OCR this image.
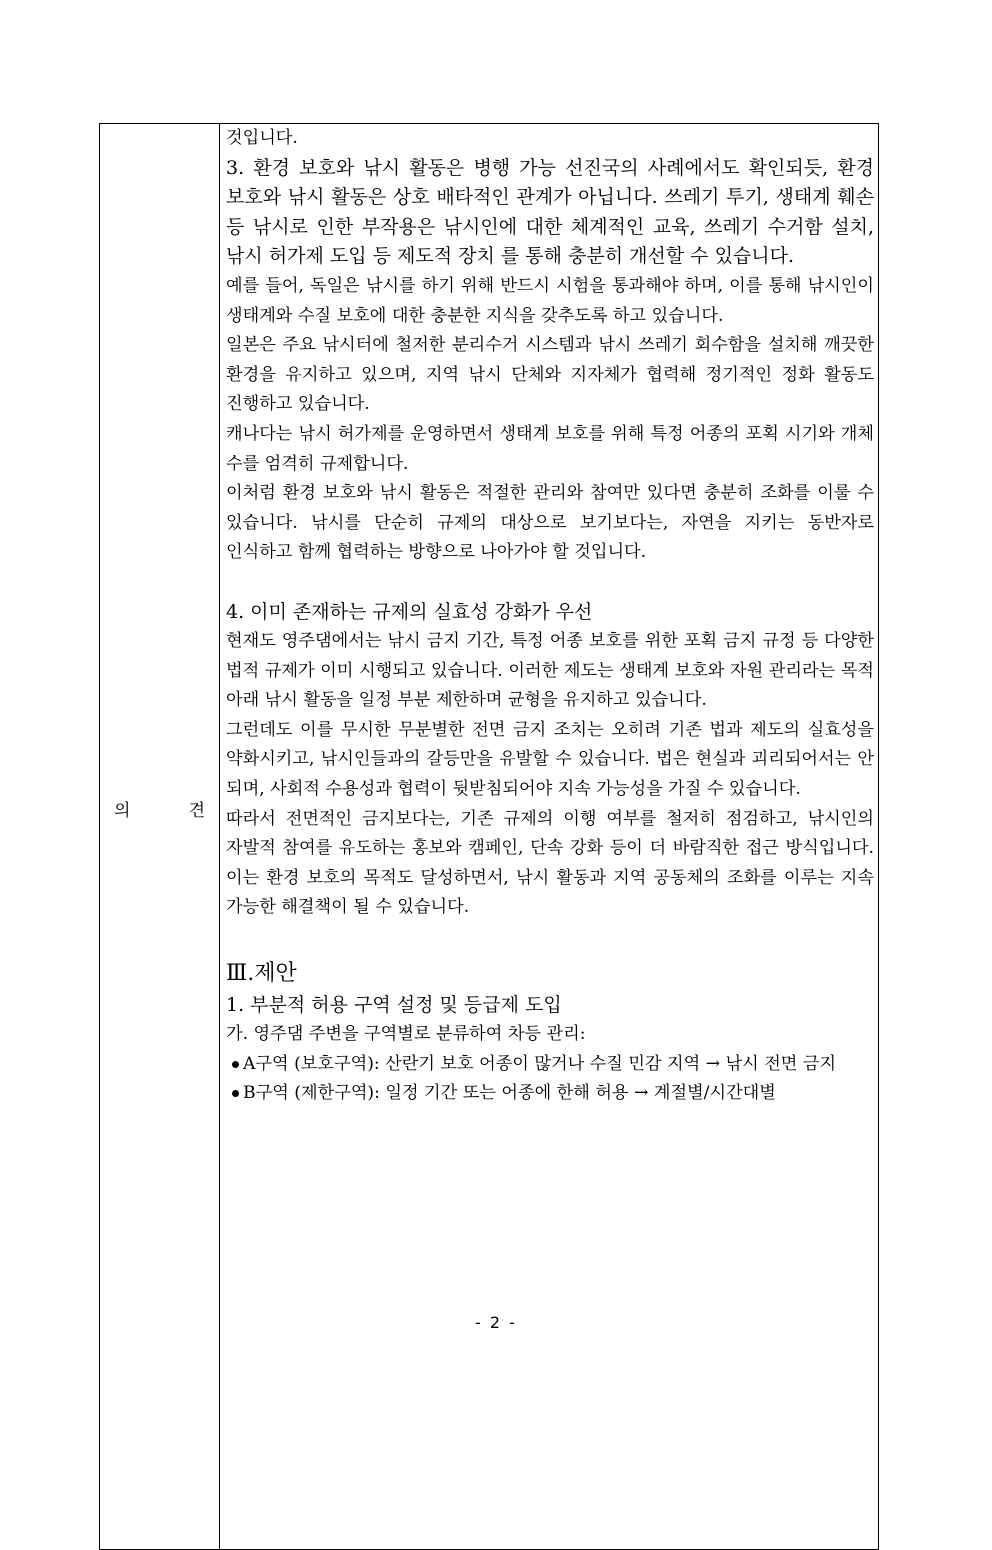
의	견

것입니다.

3. 환경 보호와 낚시 활동은 병행 가능 선진국의 사례에서도 확인되듯, 환경 보호와 낚시 활동은 상호 배타적인 관계가 아닙니다. 쓰레기 투기, 생태계 훼손 등 낚시로 인한 부작용은 낚시인에 대한 체계적인 교육, 쓰레기 수거함 설치, 낚시 허가제 도입 등 제도적 장치 를 통해 충분히 개선할 수 있습니다.

예를 들어, 독일은 낚시를 하기 위해 반드시 시험을 통과해야 하며, 이를 통해 낚시인이 생태계와 수질 보호에 대한 충분한 지식을 갖추도록 하고 있습니다.

일본은 주요 낚시터에 철저한 분리수거 시스템과 낚시 쓰레기 회수함을 설치해 깨끗한 환경을 유지하고 있으며, 지역 낚시 단체와 지자체가 협력해 정기적인 정화 활동도 진행하고 있습니다.

캐나다는 낚시 허가제를 운영하면서 생태계 보호를 위해 특정 어종의 포획 시기와 개체 수를 엄격히 규제합니다.

이처럼 환경 보호와 낚시 활동은 적절한 관리와 참여만 있다면 충분히 조화를 이룰 수 있습니다. 낚시를 단순히 규제의 대상으로 보기보다는, 자연을 지키는 동반자로 인식하고 함께 협력하는 방향으로 나아가야 할 것입니다.

4. 이미 존재하는 규제의 실효성 강화가 우선

현재도 영주댐에서는 낚시 금지 기간, 특정 어종 보호를 위한 포획 금지 규정 등 다양한 법적 규제가 이미 시행되고 있습니다. 이러한 제도는 생태계 보호와 자원 관리라는 목적 아래 낚시 활동을 일정 부분 제한하며 균형을 유지하고 있습니다.

그런데도 이를 무시한 무분별한 전면 금지 조치는 오히려 기존 법과 제도의 실효성을 약화시키고, 낚시인들과의 갈등만을 유발할 수 있습니다. 법은 현실과 괴리되어서는 안 되며, 사회적 수용성과 협력이 뒷받침되어야 지속 가능성을 가질 수 있습니다.

따라서 전면적인 금지보다는, 기존 규제의 이행 여부를 철저히 점검하고, 낚시인의 자발적 참여를 유도하는 홍보와 캠페인, 단속 강화 등이 더 바람직한 접근 방식입니다. 이는 환경 보호의 목적도 달성하면서, 낚시 활동과 지역 공동체의 조화를 이루는 지속 가능한 해결책이 될 수 있습니다.

Ⅲ.제안

1. 부분적 허용 구역 설정 및 등급제 도입

가. 영주댐 주변을 구역별로 분류하여 차등 관리:

A구역 (보호구역): 산란기 보호 어종이 많거나 수질 민감 지역 → 낚시 전면 금지

B구역 (제한구역): 일정 기간 또는 어종에 한해 허용 → 계절별/시간대별

- 2 -
